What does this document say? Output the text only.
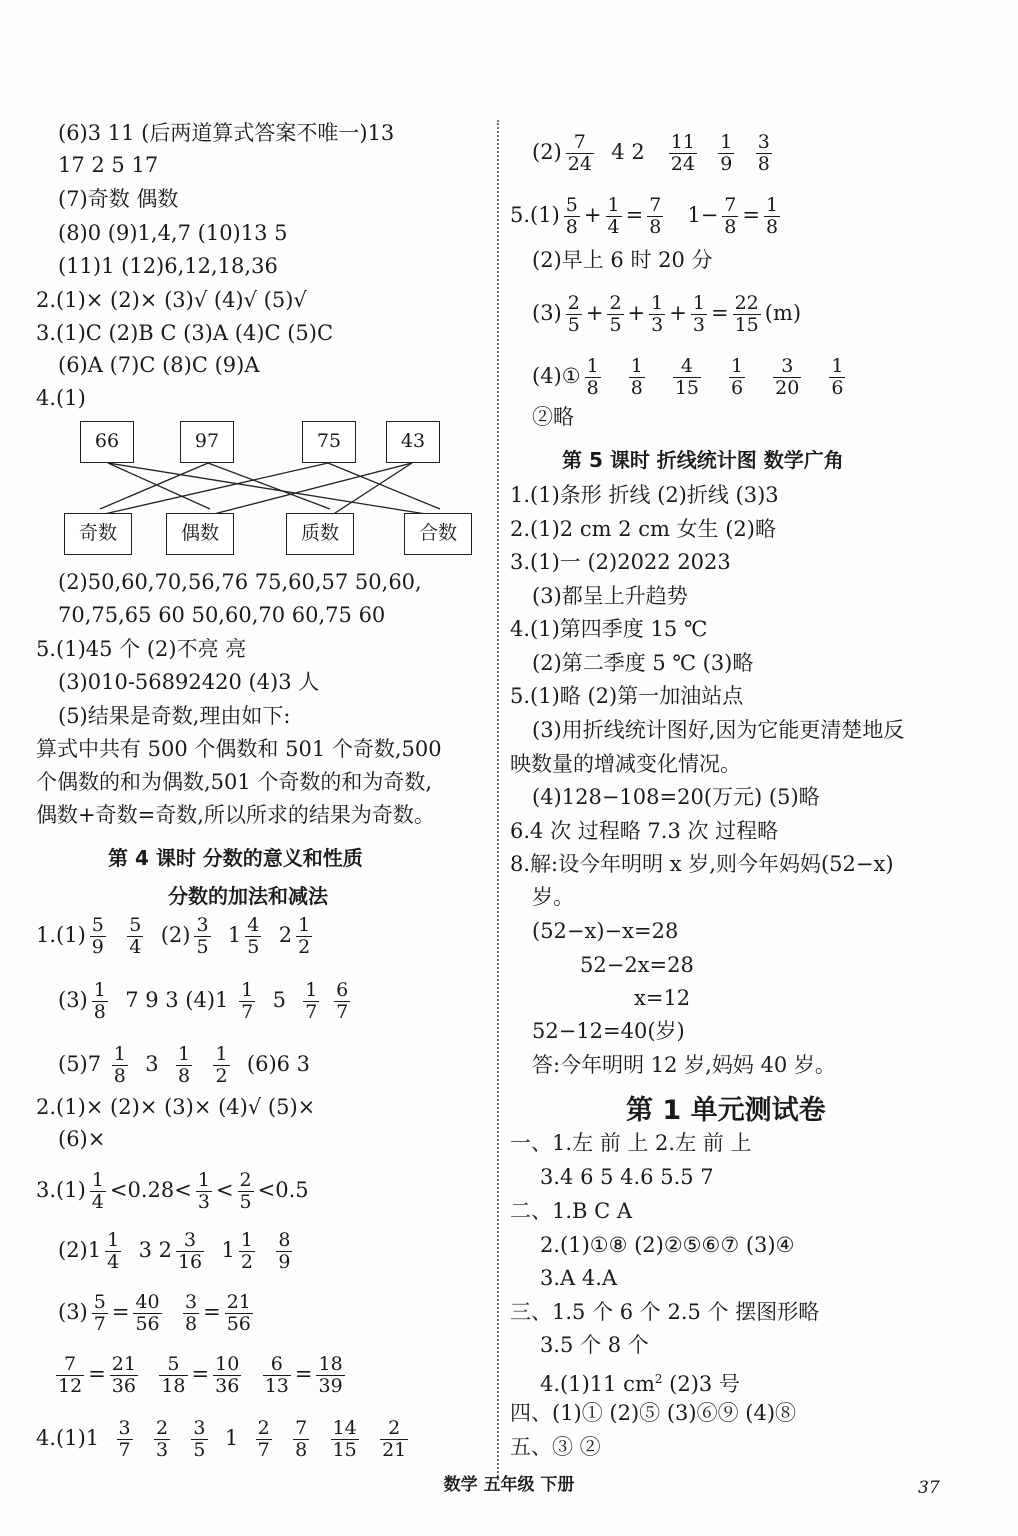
(6)3 11 (后两道算式答案不唯一)13
17 2 5 17
(7)奇数 偶数
(8)0 (9)1,4,7 (10)13 5
(11)1 (12)6,12,18,36
2.(1)× (2)× (3)√ (4)√ (5)√
3.(1)C (2)B C (3)A (4)C (5)C
(6)A (7)C (8)C (9)A
4.(1)
66	97	75	43
奇数	偶数	质数	合数
(2)50,60,70,56,76 75,60,57 50,60,
70,75,65 60 50,60,70 60,75 60
5.(1)45 个 (2)不亮 亮
(3)010-56892420 (4)3 人
(5)结果是奇数,理由如下:
算式中共有 500 个偶数和 501 个奇数,500
个偶数的和为偶数,501 个奇数的和为奇数,
偶数+奇数=奇数,所以所求的结果为奇数。
第 4 课时 分数的意义和性质
分数的加法和减法
$1.(1) \frac{5}{9}$
$\frac{5}{4} (2) \frac{3}{5} 1 \frac{4}{5} 2 \frac{1}{2}$
$(3) \frac{1}{8} 7$ 9 3 $(4)1 \frac{1}{7} 5 \frac{1}{7}$
$\frac{6}{7}$
$(5)7 \frac{1}{8} 3 \frac{1}{8}$
$\frac{1}{2} (6)6$ 3
2.(1)× (2)× (3)× (4)√ (5)×
(6)×
$3.(1) \frac{1}{4} <0.28< \frac{1}{3} < \frac{2}{5} <0.5$
$(2)1 \frac{1}{4} 3$ $2 \frac{3}{16} 1 \frac{1}{2}$
$\frac{8}{9}$
$(3) \frac{5}{7} = \frac{40}{56}$
$\frac{3}{8} = \frac{21}{56}$
$\frac{7}{12} = \frac{21}{36}$
$\frac{5}{18} = \frac{10}{36}$
$\frac{6}{13} = \frac{18}{39}$
$4.(1)1 \frac{3}{7}$
$\frac{2}{3}$
$\frac{3}{5} 1 \frac{2}{7}$
$\frac{7}{8}$
$\frac{14}{15}$
$\frac{2}{21}$
$(2) \frac{7}{24} 4$ $2 \frac{11}{24}$
$\frac{1}{9}$
$\frac{3}{8}$
$5.(1) \frac{5}{8} + \frac{1}{4} = \frac{7}{8} 1- \frac{7}{8} = \frac{1}{8}$
(2)早上 6 时 20 分
$(3) \frac{2}{5} + \frac{2}{5} + \frac{1}{3} + \frac{1}{3} = \frac{22}{15} (m)$
(4)① $\frac{1}{8}$
$\frac{1}{8}$
$\frac{4}{15}$
$\frac{1}{6}$
$\frac{3}{20}$
$\frac{1}{6}$
②略
第 5 课时 折线统计图 数学广角
1.(1)条形 折线 (2)折线 (3)3
2.(1)2 cm 2 cm 女生 (2)略
3.(1)一 (2)2022 2023
(3)都呈上升趋势
4.(1)第四季度 15 ℃
(2)第二季度 5 ℃ (3)略
5.(1)略 (2)第一加油站点
(3)用折线统计图好,因为它能更清楚地反
映数量的增减变化情况。
(4)128−108=20(万元) (5)略
6.4 次 过程略 7.3 次 过程略
8.解:设今年明明 x 岁,则今年妈妈(52−x)
岁。
(52−x)−x=28
52−2x=28
x=12
52−12=40(岁)
答:今年明明 12 岁,妈妈 40 岁。
第 1 单元测试卷
一、1.左 前 上 2.左 前 上
3.4 6 5 4.6 5.5 7
二、1.B C A
2.(1)①⑧ (2)②⑤⑥⑦ (3)④
3.A 4.A
三、1.5 个 6 个 2.5 个 摆图形略
3.5 个 8 个
4.(1)11 $cm^2$ (2)3 号
四、(1)① (2)⑤ (3)⑥⑨ (4)⑧
五、③ ②
数学 五年级 下册	37
